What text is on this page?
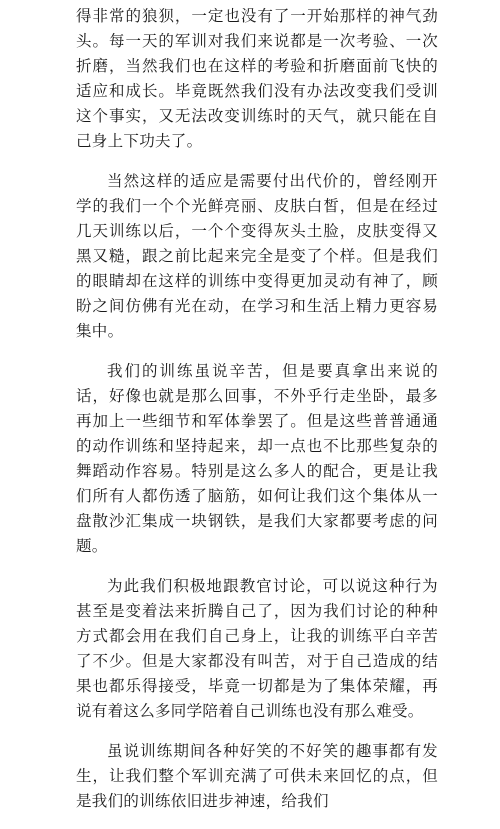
得非常的狼狈，一定也没有了一开始那样的神气劲头。每一天的军训对我们来说都是一次考验、一次折磨，当然我们也在这样的考验和折磨面前飞快的适应和成长。毕竟既然我们没有办法改变我们受训这个事实，又无法改变训练时的天气，就只能在自己身上下功夫了。

当然这样的适应是需要付出代价的，曾经刚开学的我们一个个光鲜亮丽、皮肤白皙，但是在经过几天训练以后，一个个变得灰头土脸，皮肤变得又黑又糙，跟之前比起来完全是变了个样。但是我们的眼睛却在这样的训练中变得更加灵动有神了，顾盼之间仿佛有光在动，在学习和生活上精力更容易集中。

我们的训练虽说辛苦，但是要真拿出来说的话，好像也就是那么回事，不外乎行走坐卧，最多再加上一些细节和军体拳罢了。但是这些普普通通的动作训练和坚持起来，却一点也不比那些复杂的舞蹈动作容易。特别是这么多人的配合，更是让我们所有人都伤透了脑筋，如何让我们这个集体从一盘散沙汇集成一块钢铁，是我们大家都要考虑的问题。

为此我们积极地跟教官讨论，可以说这种行为甚至是变着法来折腾自己了，因为我们讨论的种种方式都会用在我们自己身上，让我的训练平白辛苦了不少。但是大家都没有叫苦，对于自己造成的结果也都乐得接受，毕竟一切都是为了集体荣耀，再说有着这么多同学陪着自己训练也没有那么难受。

虽说训练期间各种好笑的不好笑的趣事都有发生，让我们整个军训充满了可供未来回忆的点，但是我们的训练依旧进步神速，给我们
